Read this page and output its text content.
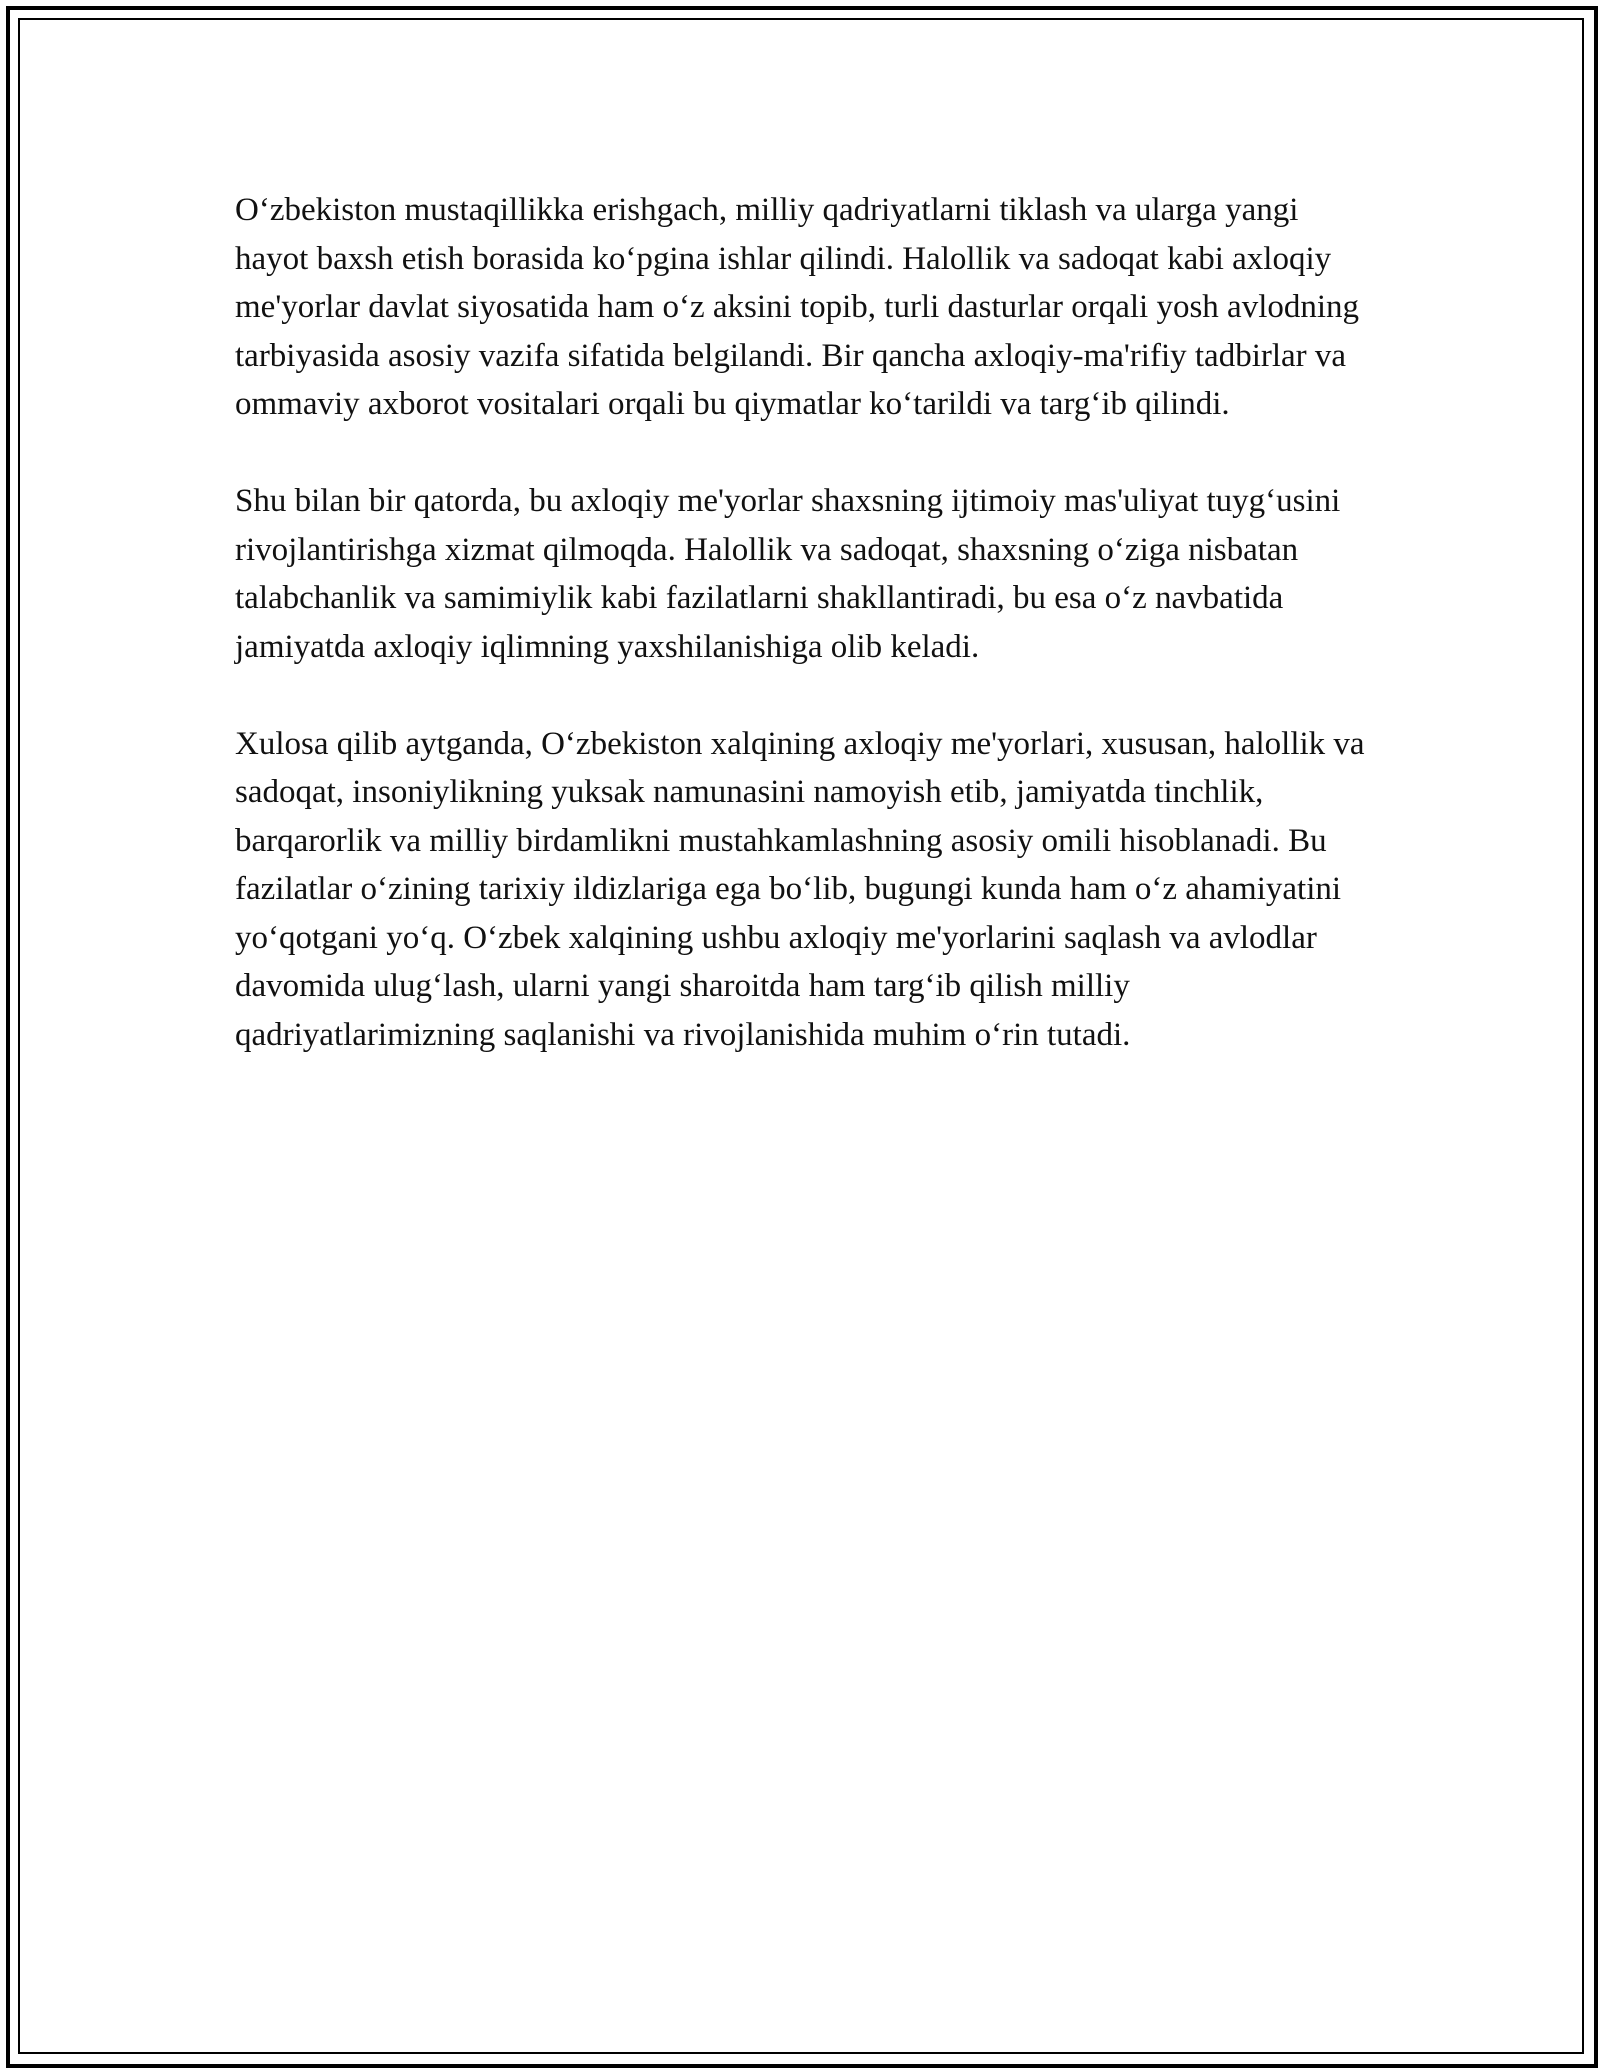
O‘zbekiston mustaqillikka erishgach, milliy qadriyatlarni tiklash va ularga yangi hayot baxsh etish borasida ko‘pgina ishlar qilindi. Halollik va sadoqat kabi axloqiy me'yorlar davlat siyosatida ham o‘z aksini topib, turli dasturlar orqali yosh avlodning tarbiyasida asosiy vazifa sifatida belgilandi. Bir qancha axloqiy-ma'rifiy tadbirlar va ommaviy axborot vositalari orqali bu qiymatlar ko‘tarildi va targ‘ib qilindi.

Shu bilan bir qatorda, bu axloqiy me'yorlar shaxsning ijtimoiy mas'uliyat tuyg‘usini rivojlantirishga xizmat qilmoqda. Halollik va sadoqat, shaxsning o‘ziga nisbatan talabchanlik va samimiylik kabi fazilatlarni shakllantiradi, bu esa o‘z navbatida jamiyatda axloqiy iqlimning yaxshilanishiga olib keladi.

Xulosa qilib aytganda, O‘zbekiston xalqining axloqiy me'yorlari, xususan, halollik va sadoqat, insoniylikning yuksak namunasini namoyish etib, jamiyatda tinchlik, barqarorlik va milliy birdamlikni mustahkamlashning asosiy omili hisoblanadi. Bu fazilatlar o‘zining tarixiy ildizlariga ega bo‘lib, bugungi kunda ham o‘z ahamiyatini yo‘qotgani yo‘q. O‘zbek xalqining ushbu axloqiy me'yorlarini saqlash va avlodlar davomida ulug‘lash, ularni yangi sharoitda ham targ‘ib qilish milliy qadriyatlarimizning saqlanishi va rivojlanishida muhim o‘rin tutadi.
